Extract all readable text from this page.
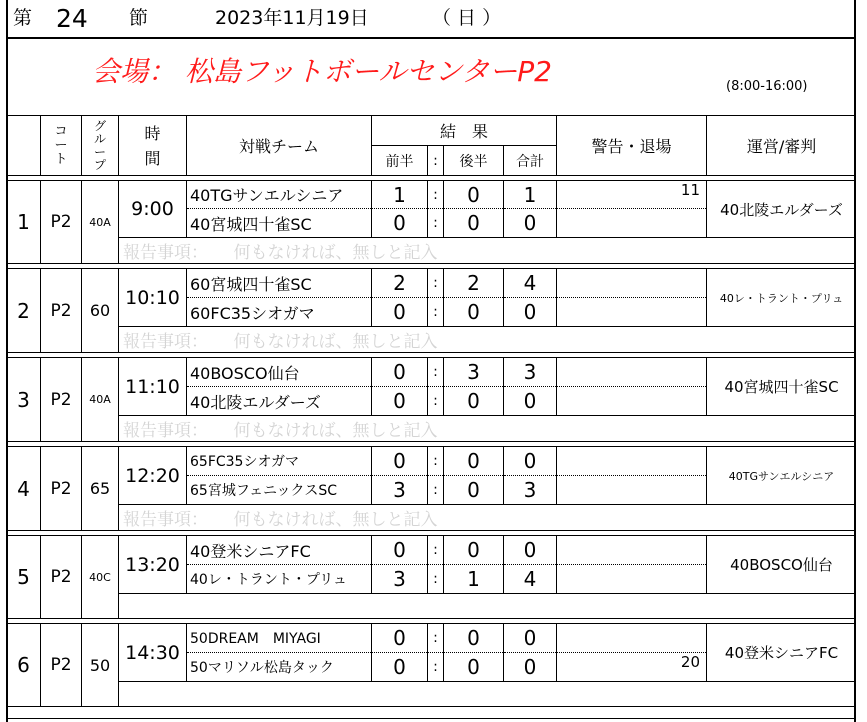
第 24 節	2023年11月19日	（ 日 ）
会場： 松島フットボールセンターP2	(8:00-16:00)

	コート	グループ	時間	対戦チーム	結　果				警告・退場	運営/審判
					前半	:	後半	合計		

1	P2	40A	9:00	40TGサンエルシニア	1	:	0	1	11	40北陵エルダーズ
				40宮城四十雀SC	0	:	0	0		
			報告事項：　　何もなければ、無しと記入							

2	P2	60	10:10	60宮城四十雀SC	2	:	2	4		40レ・トラント・プリュ
				60FC35シオガマ	0	:	0	0		
			報告事項：　　何もなければ、無しと記入							

3	P2	40A	11:10	40BOSCO仙台	0	:	3	3		40宮城四十雀SC
				40北陵エルダーズ	0	:	0	0		
			報告事項：　　何もなければ、無しと記入							

4	P2	65	12:20	65FC35シオガマ	0	:	0	0		40TGサンエルシニア
				65宮城フェニックスSC	3	:	0	3		
			報告事項：　　何もなければ、無しと記入							

5	P2	40C	13:20	40登米シニアFC	0	:	0	0		40BOSCO仙台
				40レ・トラント・プリュ	3	:	1	4		

6	P2	50	14:30	50DREAM　MIYAGI	0	:	0	0		40登米シニアFC
				50マリソル松島タック	0	:	0	0	20	
